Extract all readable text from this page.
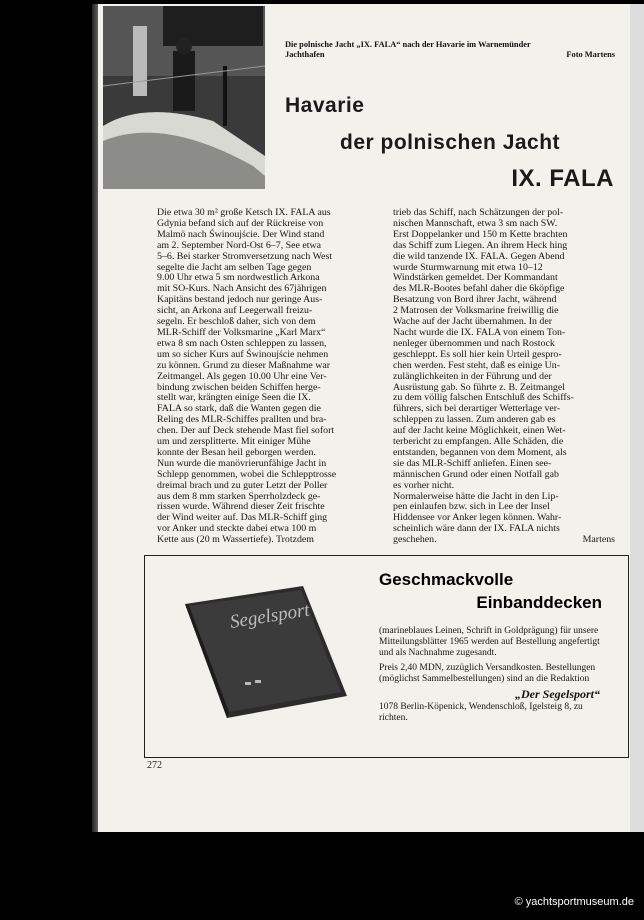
Die polnische Jacht „IX. FALA“ nach der Havarie im Warnemünder
Jachthafen	Foto Martens
Havarie
der polnischen Jacht
IX. FALA

Die etwa 30 m² große Ketsch IX. FALA aus

Gdynia befand sich auf der Rückreise von

Malmö nach Świnoujście. Der Wind stand

am 2. September Nord-Ost 6–7, See etwa

5–6. Bei starker Stromversetzung nach West

segelte die Jacht am selben Tage gegen

9.00 Uhr etwa 5 sm nordwestlich Arkona

mit SO-Kurs. Nach Ansicht des 67jährigen

Kapitäns bestand jedoch nur geringe Aus-

sicht, an Arkona auf Leegerwall freizu-

segeln. Er beschloß daher, sich von dem

MLR-Schiff der Volksmarine „Karl Marx“

etwa 8 sm nach Osten schleppen zu lassen,

um so sicher Kurs auf Świnoujście nehmen

zu können. Grund zu dieser Maßnahme war

Zeitmangel. Als gegen 10.00 Uhr eine Ver-

bindung zwischen beiden Schiffen herge-

stellt war, krängten einige Seen die IX.

FALA so stark, daß die Wanten gegen die

Reling des MLR-Schiffes prallten und bra-

chen. Der auf Deck stehende Mast fiel sofort

um und zersplitterte. Mit einiger Mühe

konnte der Besan heil geborgen werden.

Nun wurde die manövrierunfähige Jacht in

Schlepp genommen, wobei die Schlepptrosse

dreimal brach und zu guter Letzt der Poller

aus dem 8 mm starken Sperrholzdeck ge-

rissen wurde. Während dieser Zeit frischte

der Wind weiter auf. Das MLR-Schiff ging

vor Anker und steckte dabei etwa 100 m

Kette aus (20 m Wassertiefe). Trotzdem

trieb das Schiff, nach Schätzungen der pol-

nischen Mannschaft, etwa 3 sm nach SW.

Erst Doppelanker und 150 m Kette brachten

das Schiff zum Liegen. An ihrem Heck hing

die wild tanzende IX. FALA. Gegen Abend

wurde Sturmwarnung mit etwa 10–12

Windstärken gemeldet. Der Kommandant

des MLR-Bootes befahl daher die 6köpfige

Besatzung von Bord ihrer Jacht, während

2 Matrosen der Volksmarine freiwillig die

Wache auf der Jacht übernahmen. In der

Nacht wurde die IX. FALA von einem Ton-

nenleger übernommen und nach Rostock

geschleppt. Es soll hier kein Urteil gespro-

chen werden. Fest steht, daß es einige Un-

zulänglichkeiten in der Führung und der

Ausrüstung gab. So führte z. B. Zeitmangel

zu dem völlig falschen Entschluß des Schiffs-

führers, sich bei derartiger Wetterlage ver-

schleppen zu lassen. Zum anderen gab es

auf der Jacht keine Möglichkeit, einen Wet-

terbericht zu empfangen. Alle Schäden, die

entstanden, begannen von dem Moment, als

sie das MLR-Schiff anliefen. Einen see-

männischen Grund oder einen Notfall gab

es vorher nicht.

Normalerweise hätte die Jacht in den Lip-

pen einlaufen bzw. sich in Lee der Insel

Hiddensee vor Anker legen können. Wahr-

scheinlich wäre dann der IX. FALA nichts

geschehen.	Martens

Segelsport
Geschmackvolle
Einbanddecken

(marineblaues Leinen, Schrift in Goldprägung) für unsere Mitteilungsblätter 1965 werden auf Bestellung angefertigt und als Nachnahme zugesandt.

Preis 2,40 MDN, zuzüglich Versandkosten. Bestellungen (möglichst Sammelbestellungen) sind an die Redaktion

„Der Segelsport“

1078 Berlin-Köpenick, Wendenschloß, Igelsteig 8, zu richten.

272
© yachtsportmuseum.de
